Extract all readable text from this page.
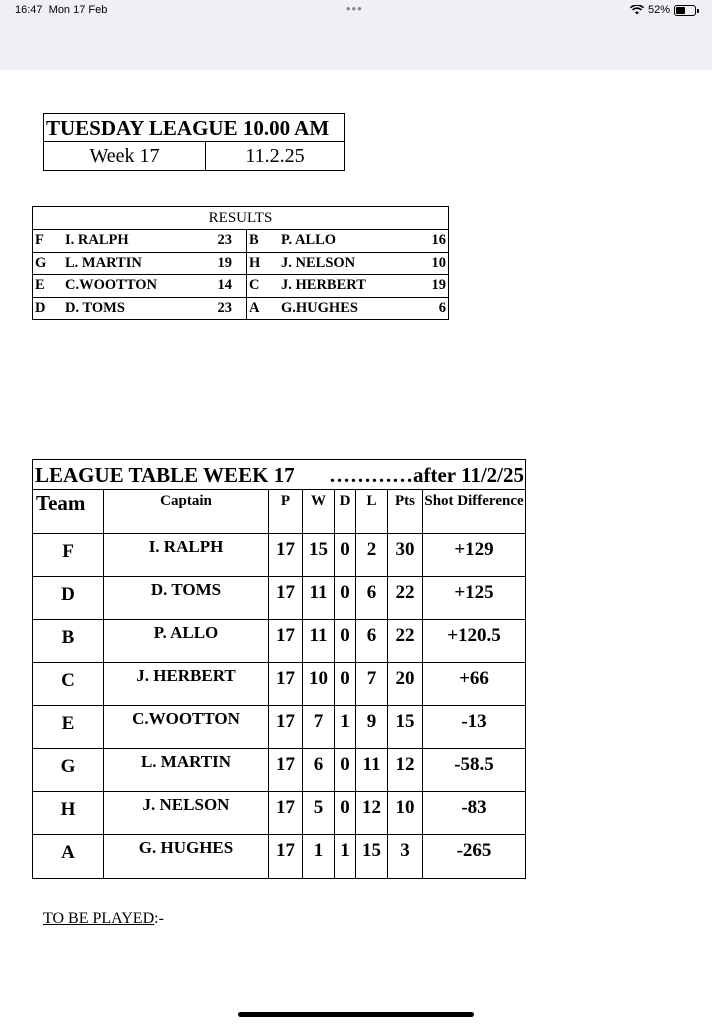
16:47 Mon 17 Feb	•••	52%
TUESDAY LEAGUE 10.00 AM
Week 17	11.2.25
RESULTS
F I. RALPH	23 B P. ALLO	16
G L. MARTIN	19 H J. NELSON	10
E C.WOOTTON	14 C J. HERBERT	19
D D. TOMS	23 A G.HUGHES	6
LEAGUE TABLE WEEK 17 …………after 11/2/25
Team	Captain	P	W D	L	Pts Shot Difference
F	I. RALPH	17 15 0 2	30	+129
D	D. TOMS	17 11 0 6	22	+125
B	P. ALLO	17 11 0 6	22	+120.5
C	J. HERBERT	17 10 0 7	20	+66
E	C.WOOTTON	17 7 1 9	15	-13
G	L. MARTIN	17 6 0 11 12	-58.5
H	J. NELSON	17 5 0 12 10	-83
A	G. HUGHES	17 1 1 15	3	-265
TO BE PLAYED:-
